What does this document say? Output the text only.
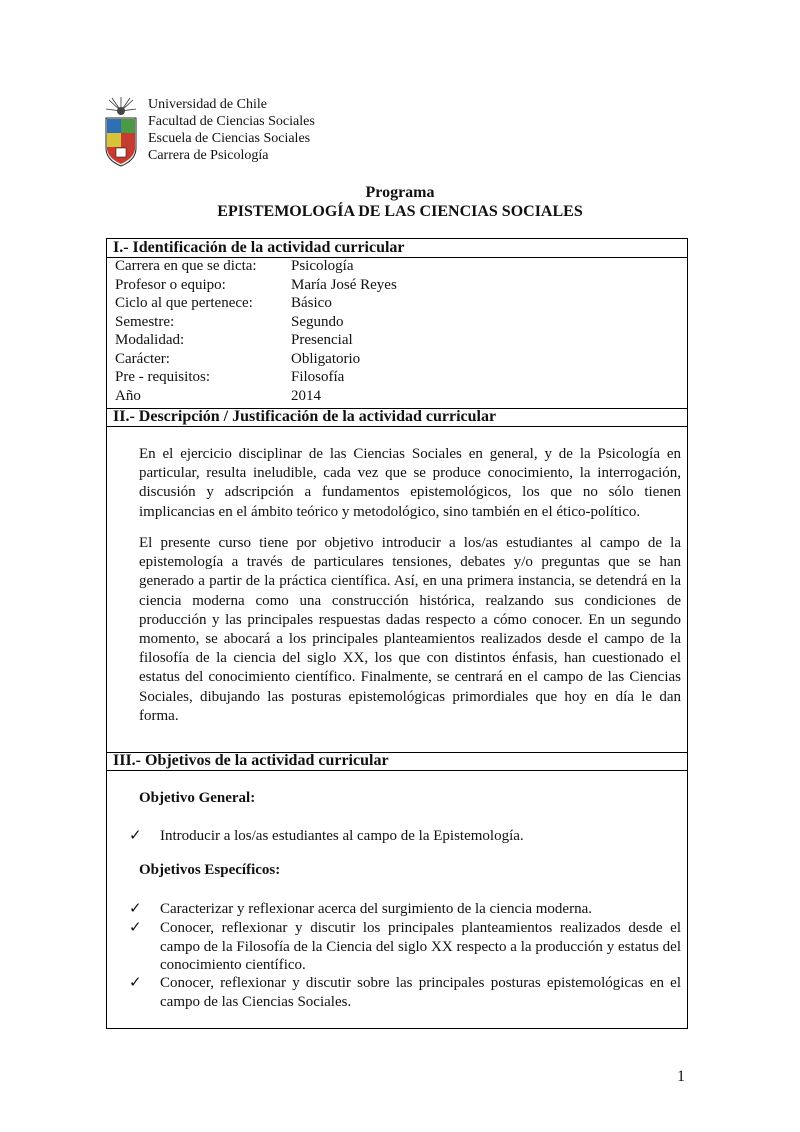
Universidad de Chile
Facultad de Ciencias Sociales
Escuela de Ciencias Sociales
Carrera de Psicología
Programa
EPISTEMOLOGÍA DE LAS CIENCIAS SOCIALES
I.- Identificación de la actividad curricular
Carrera en que se dicta:	Psicología
Profesor o equipo:	María José Reyes
Ciclo al que pertenece:	Básico
Semestre:	Segundo
Modalidad:	Presencial
Carácter:	Obligatorio
Pre - requisitos:	Filosofía
Año	2014
II.- Descripción / Justificación de la actividad curricular

En el ejercicio disciplinar de las Ciencias Sociales en general, y de la Psicología en particular, resulta ineludible, cada vez que se produce conocimiento, la interrogación, discusión y adscripción a fundamentos epistemológicos, los que no sólo tienen implicancias en el ámbito teórico y metodológico, sino también en el ético-político.

El presente curso tiene por objetivo introducir a los/as estudiantes al campo de la epistemología a través de particulares tensiones, debates y/o preguntas que se han generado a partir de la práctica científica. Así, en una primera instancia, se detendrá en la ciencia moderna como una construcción histórica, realzando sus condiciones de producción y las principales respuestas dadas respecto a cómo conocer. En un segundo momento, se abocará a los principales planteamientos realizados desde el campo de la filosofía de la ciencia del siglo XX, los que con distintos énfasis, han cuestionado el estatus del conocimiento científico. Finalmente, se centrará en el campo de las Ciencias Sociales, dibujando las posturas epistemológicas primordiales que hoy en día le dan forma.

III.- Objetivos de la actividad curricular
Objetivo General:
✓	Introducir a los/as estudiantes al campo de la Epistemología.
Objetivos Específicos:
✓	Caracterizar y reflexionar acerca del surgimiento de la ciencia moderna.
✓	Conocer, reflexionar y discutir los principales planteamientos realizados desde el campo de la Filosofía de la Ciencia del siglo XX respecto a la producción y estatus del conocimiento científico.
✓	Conocer, reflexionar y discutir sobre las principales posturas epistemológicas en el campo de las Ciencias Sociales.
1
